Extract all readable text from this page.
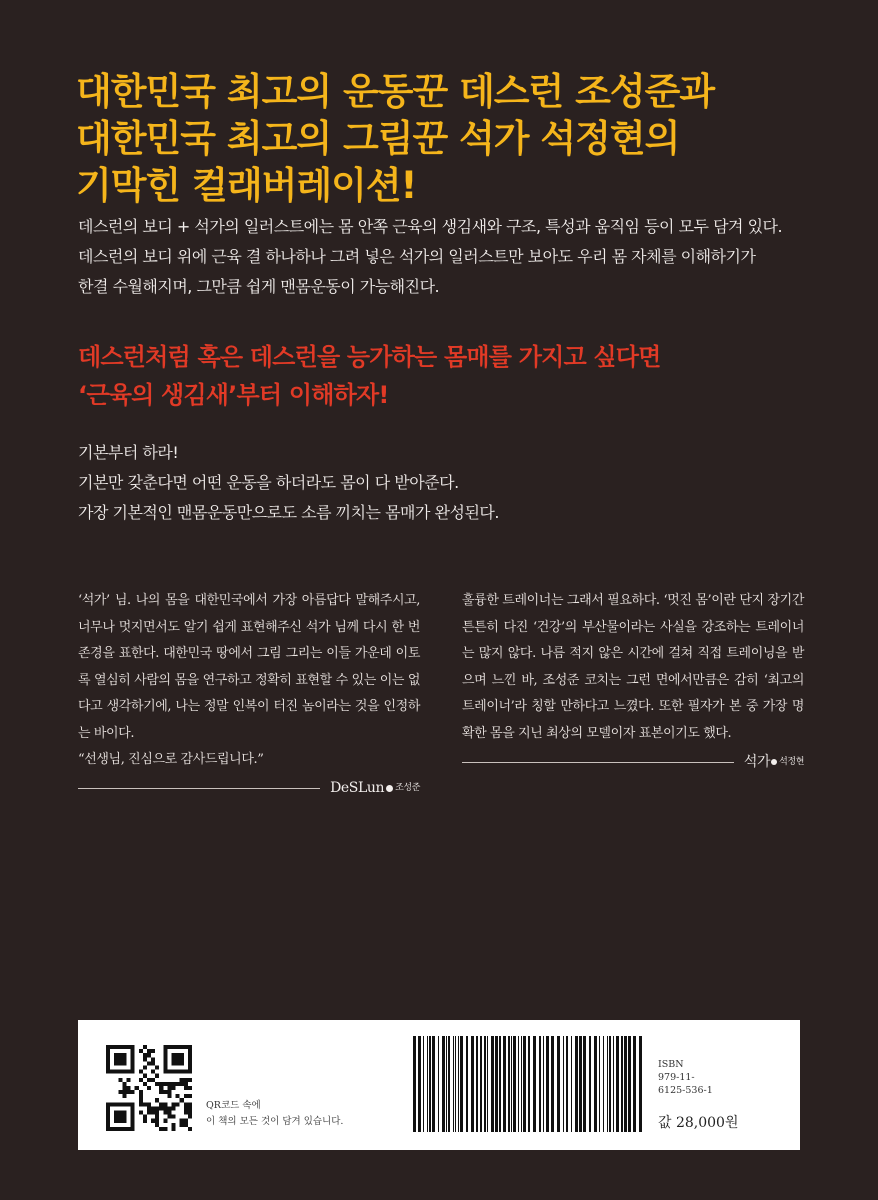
대한민국 최고의 운동꾼 데스런 조성준과
대한민국 최고의 그림꾼 석가 석정현의
기막힌 컬래버레이션!
데스런의 보디 + 석가의 일러스트에는 몸 안쪽 근육의 생김새와 구조, 특성과 움직임 등이 모두 담겨 있다.
데스런의 보디 위에 근육 결 하나하나 그려 넣은 석가의 일러스트만 보아도 우리 몸 자체를 이해하기가
한결 수월해지며, 그만큼 쉽게 맨몸운동이 가능해진다.
데스런처럼 혹은 데스런을 능가하는 몸매를 가지고 싶다면
‘근육의 생김새’부터 이해하자!
기본부터 하라!
기본만 갖춘다면 어떤 운동을 하더라도 몸이 다 받아준다.
가장 기본적인 맨몸운동만으로도 소름 끼치는 몸매가 완성된다.
‘석가’ 님. 나의 몸을 대한민국에서 가장 아름답다 말해주시고, 너무나 멋지면서도 알기 쉽게 표현해주신 석가 님께 다시 한 번 존경을 표한다. 대한민국 땅에서 그림 그리는 이들 가운데 이토록 열심히 사람의 몸을 연구하고 정확히 표현할 수 있는 이는 없다고 생각하기에, 나는 정말 인복이 터진 놈이라는 것을 인정하는 바이다.
“선생님, 진심으로 감사드립니다.”
DeSLun 조성준
훌륭한 트레이너는 그래서 필요하다. ‘멋진 몸’이란 단지 장기간 튼튼히 다진 ‘건강’의 부산물이라는 사실을 강조하는 트레이너는 많지 않다. 나름 적지 않은 시간에 걸쳐 직접 트레이닝을 받으며 느낀 바, 조성준 코치는 그런 면에서만큼은 감히 ‘최고의 트레이너’라 칭할 만하다고 느꼈다. 또한 필자가 본 중 가장 명확한 몸을 지닌 최상의 모델이자 표본이기도 했다.
석가 석정현
QR코드 속에
이 책의 모든 것이 담겨 있습니다.
ISBN
979-11-
6125-536-1
값 28,000원
